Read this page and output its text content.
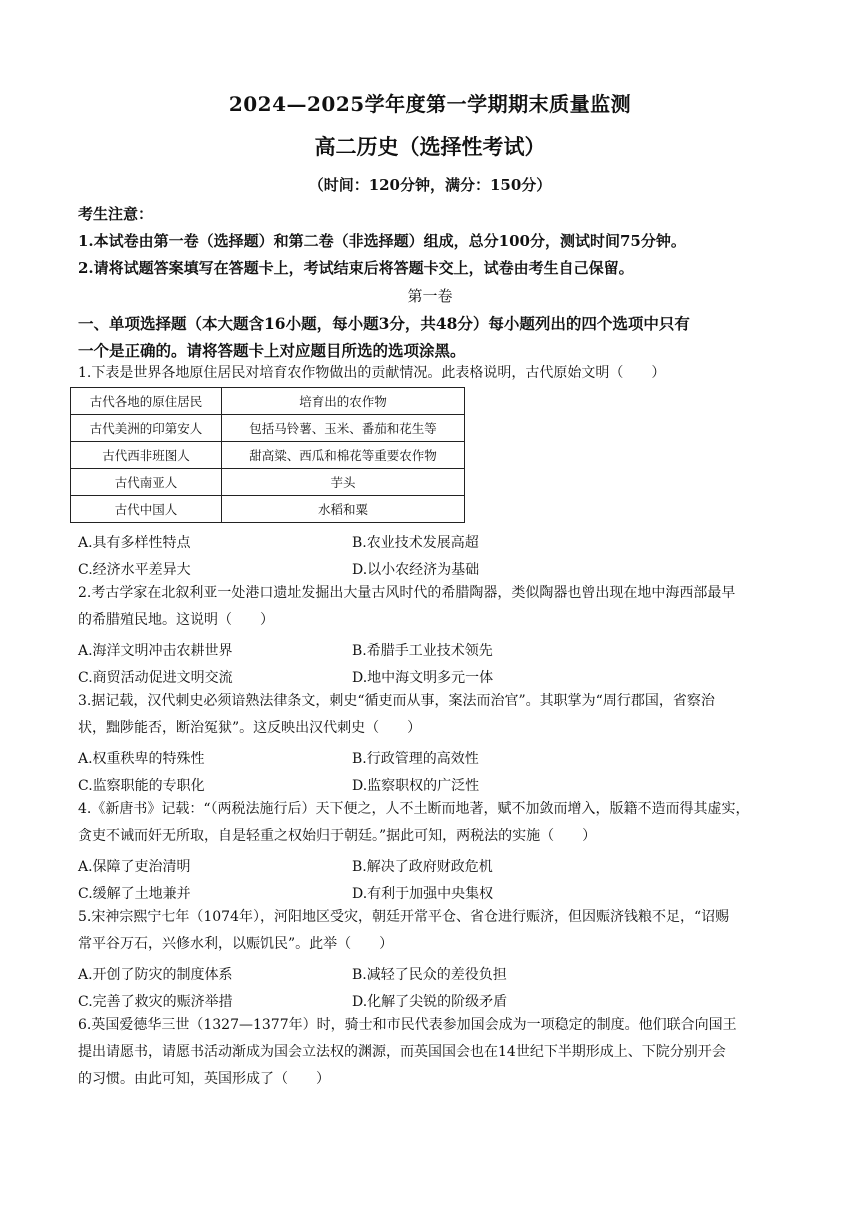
2024—2025学年度第一学期期末质量监测
高二历史（选择性考试）
（时间：120分钟，满分：150分）
考生注意：
1.本试卷由第一卷（选择题）和第二卷（非选择题）组成，总分100分，测试时间75分钟。
2.请将试题答案填写在答题卡上，考试结束后将答题卡交上，试卷由考生自己保留。
第一卷
一、单项选择题（本大题含16小题，每小题3分，共48分）每小题列出的四个选项中只有
一个是正确的。请将答题卡上对应题目所选的选项涂黑。
1.下表是世界各地原住居民对培育农作物做出的贡献情况。此表格说明，古代原始文明（　　）
古代各地的原住居民	培育出的农作物
古代美洲的印第安人	包括马铃薯、玉米、番茄和花生等
古代西非班图人	甜高粱、西瓜和棉花等重要农作物
古代南亚人	芋头
古代中国人	水稻和粟
A.具有多样性特点	B.农业技术发展高超
C.经济水平差异大	D.以小农经济为基础
2.考古学家在北叙利亚一处港口遗址发掘出大量古风时代的希腊陶器，类似陶器也曾出现在地中海西部最早
的希腊殖民地。这说明（　　）
A.海洋文明冲击农耕世界	B.希腊手工业技术领先
C.商贸活动促进文明交流	D.地中海文明多元一体
3.据记载，汉代刺史必须谙熟法律条文，刺史“循吏而从事，案法而治官”。其职掌为“周行郡国，省察治
状，黜陟能否，断治冤狱”。这反映出汉代刺史（　　）
A.权重秩卑的特殊性	B.行政管理的高效性
C.监察职能的专职化	D.监察职权的广泛性
4.《新唐书》记载：“（两税法施行后）天下便之，人不土断而地著，赋不加敛而增入，版籍不造而得其虚实，
贪吏不诫而奸无所取，自是轻重之权始归于朝廷。”据此可知，两税法的实施（　　）
A.保障了吏治清明	B.解决了政府财政危机
C.缓解了土地兼并	D.有利于加强中央集权
5.宋神宗熙宁七年（1074年），河阳地区受灾，朝廷开常平仓、省仓进行赈济，但因赈济钱粮不足，“诏赐
常平谷万石，兴修水利，以赈饥民”。此举（　　）
A.开创了防灾的制度体系	B.减轻了民众的差役负担
C.完善了救灾的赈济举措	D.化解了尖锐的阶级矛盾
6.英国爱德华三世（1327—1377年）时，骑士和市民代表参加国会成为一项稳定的制度。他们联合向国王
提出请愿书，请愿书活动渐成为国会立法权的渊源，而英国国会也在14世纪下半期形成上、下院分别开会
的习惯。由此可知，英国形成了（　　）
